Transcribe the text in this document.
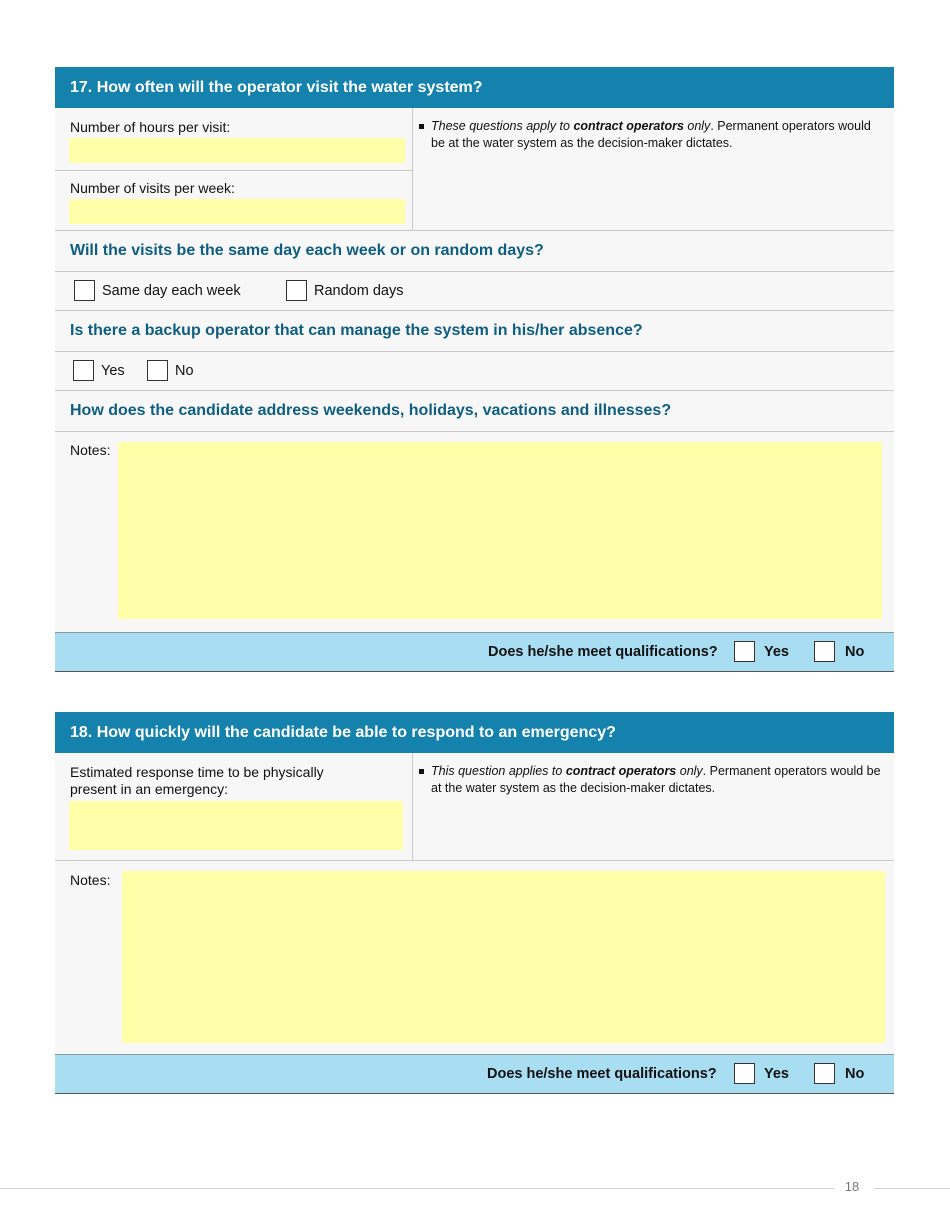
17. How often will the operator visit the water system?
Number of hours per visit:
Number of visits per week:
These questions apply to contract operators only. Permanent operators would be at the water system as the decision-maker dictates.
Will the visits be the same day each week or on random days?
Same day each week	Random days
Is there a backup operator that can manage the system in his/her absence?
Yes	No
How does the candidate address weekends, holidays, vacations and illnesses?
Notes:
Does he/she meet qualifications?	Yes	No
18. How quickly will the candidate be able to respond to an emergency?
Estimated response time to be physically present in an emergency:
This question applies to contract operators only. Permanent operators would be at the water system as the decision-maker dictates.
Notes:
Does he/she meet qualifications?	Yes	No
18
